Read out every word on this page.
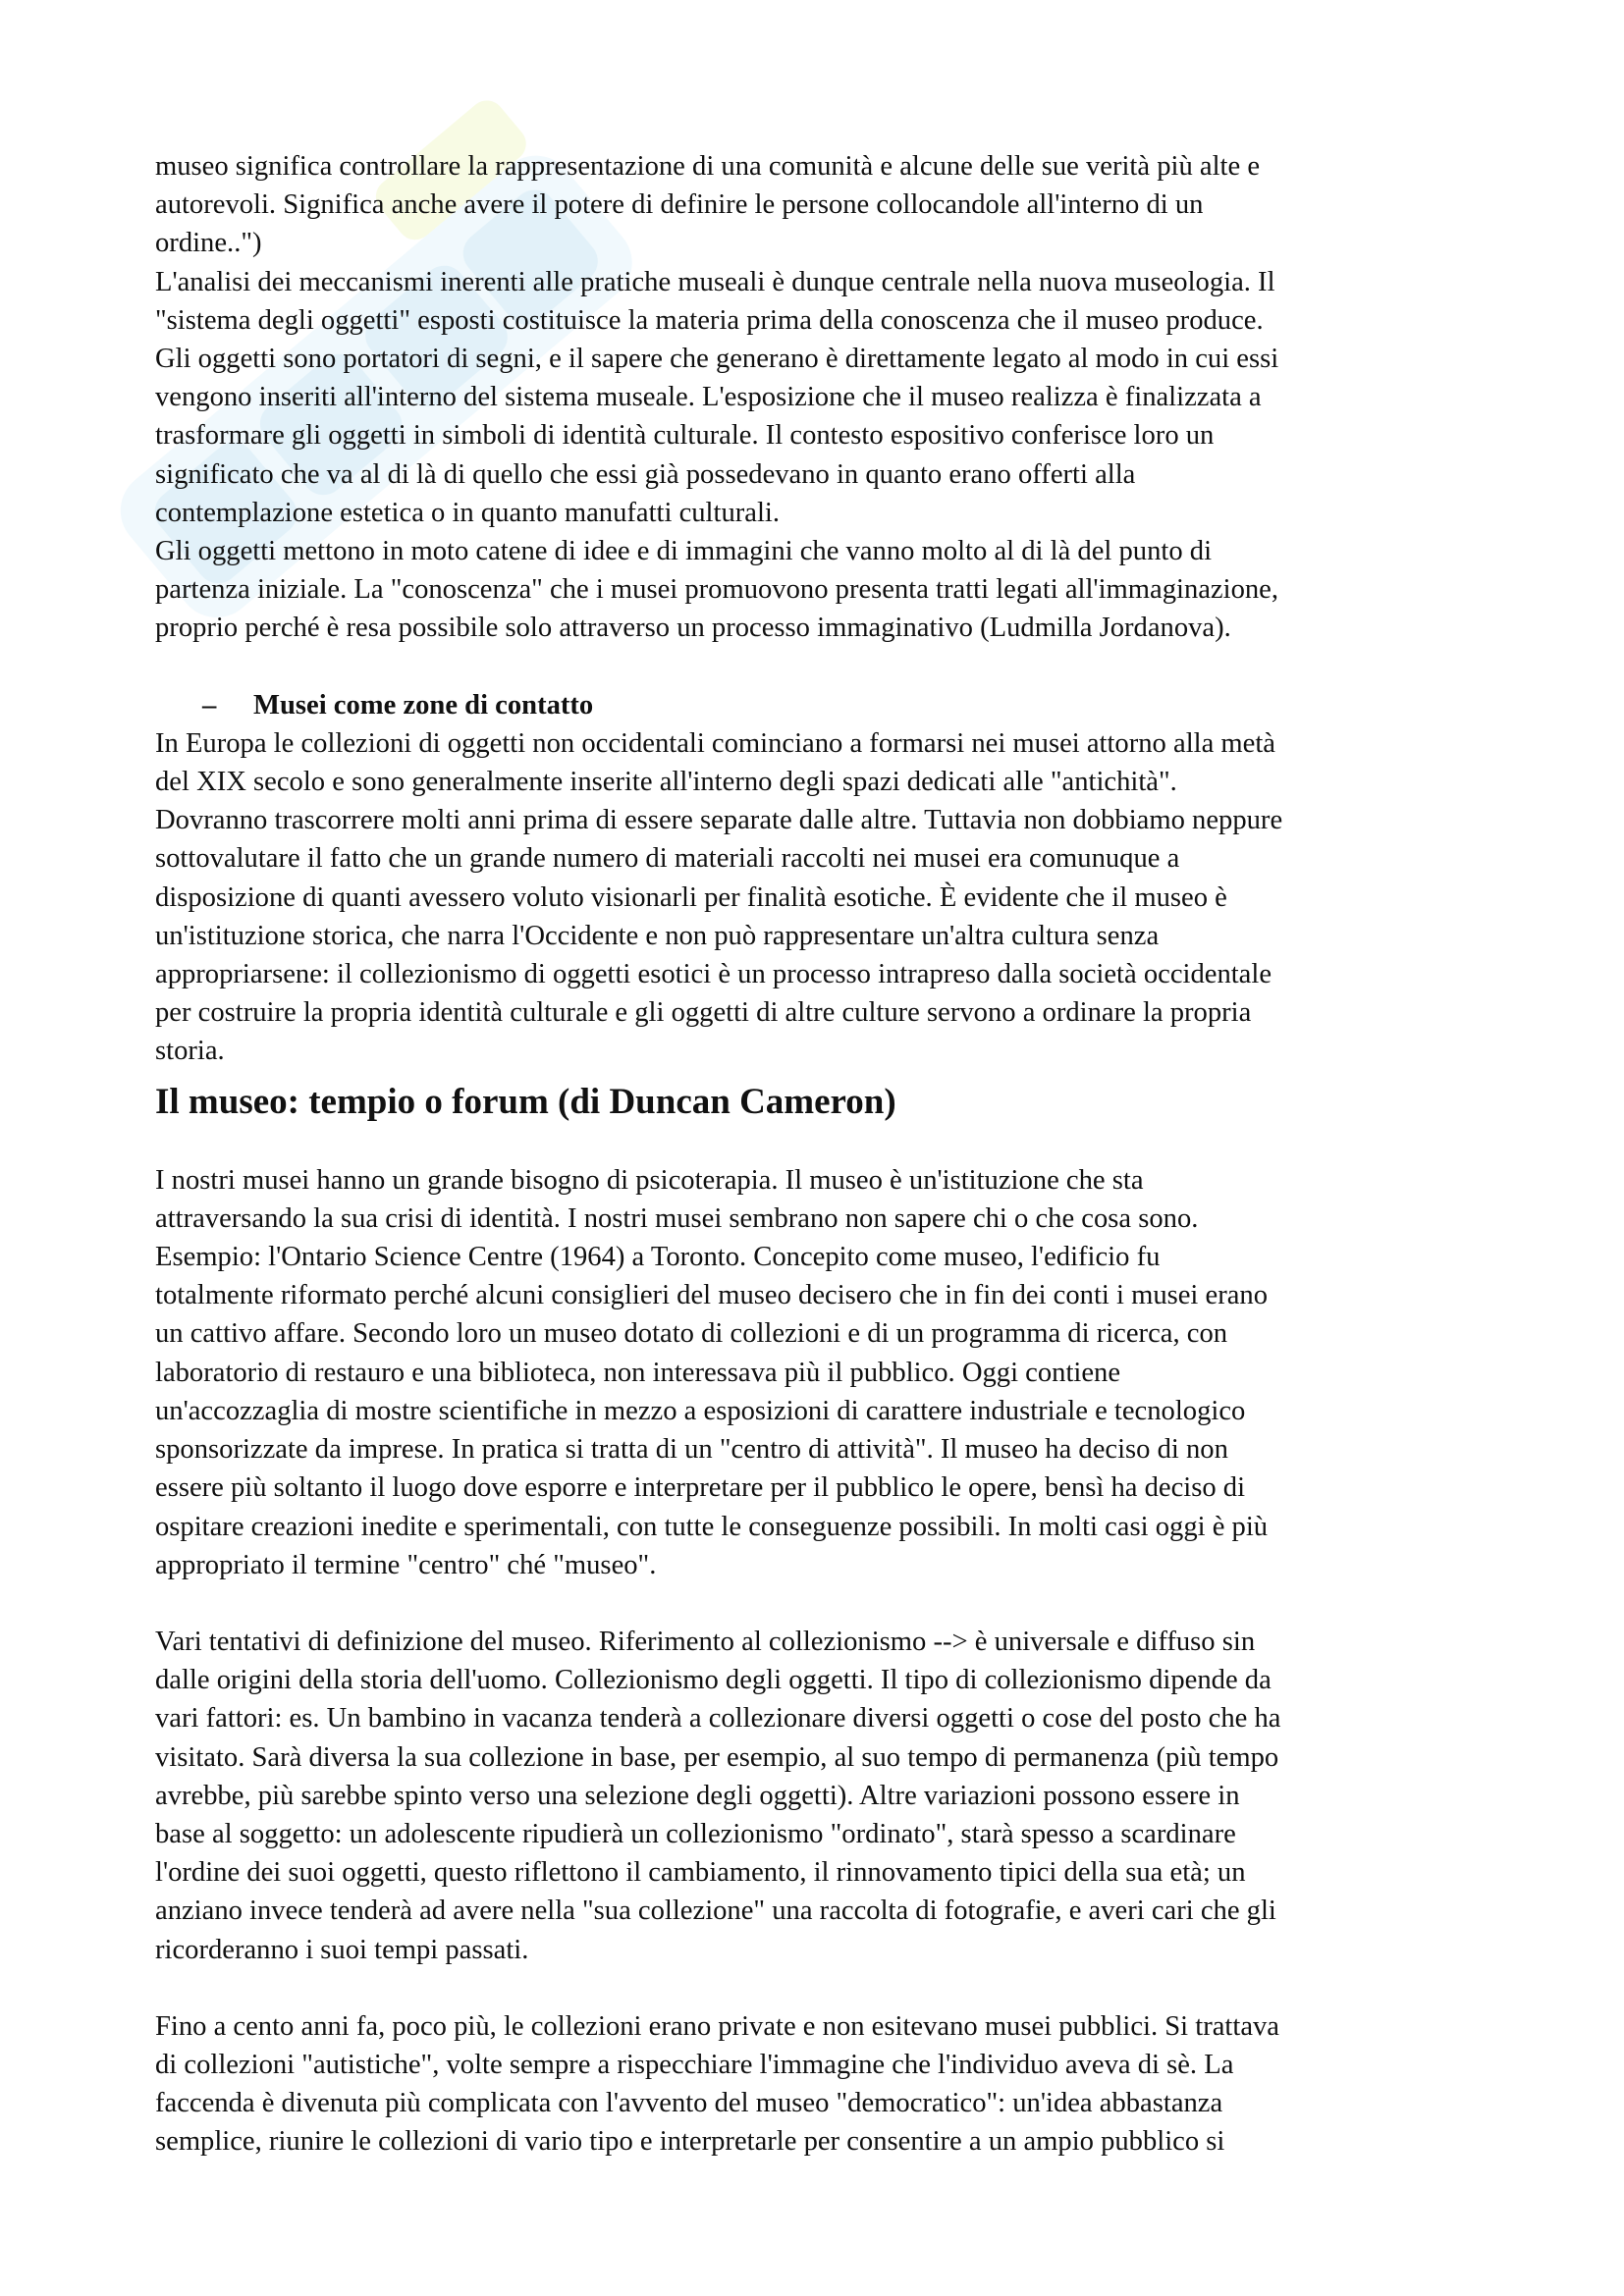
museo significa controllare la rappresentazione di una comunità e alcune delle sue verità più alte e
autorevoli. Significa anche avere il potere di definire le persone collocandole all'interno di un
ordine..")

L'analisi dei meccanismi inerenti alle pratiche museali è dunque centrale nella nuova museologia. Il
"sistema degli oggetti" esposti costituisce la materia prima della conoscenza che il museo produce.
Gli oggetti sono portatori di segni, e il sapere che generano è direttamente legato al modo in cui essi
vengono inseriti all'interno del sistema museale. L'esposizione che il museo realizza è finalizzata a
trasformare gli oggetti in simboli di identità culturale. Il contesto espositivo conferisce loro un
significato che va al di là di quello che essi già possedevano in quanto erano offerti alla
contemplazione estetica o in quanto manufatti culturali.

Gli oggetti mettono in moto catene di idee e di immagini che vanno molto al di là del punto di
partenza iniziale. La "conoscenza" che i musei promuovono presenta tratti legati all'immaginazione,
proprio perché è resa possibile solo attraverso un processo immaginativo (Ludmilla Jordanova).

–	Musei come zone di contatto

In Europa le collezioni di oggetti non occidentali cominciano a formarsi nei musei attorno alla metà
del XIX secolo e sono generalmente inserite all'interno degli spazi dedicati alle "antichità".
Dovranno trascorrere molti anni prima di essere separate dalle altre. Tuttavia non dobbiamo neppure
sottovalutare il fatto che un grande numero di materiali raccolti nei musei era comunuque a
disposizione di quanti avessero voluto visionarli per finalità esotiche. È evidente che il museo è
un'istituzione storica, che narra l'Occidente e non può rappresentare un'altra cultura senza
appropriarsene: il collezionismo di oggetti esotici è un processo intrapreso dalla società occidentale
per costruire la propria identità culturale e gli oggetti di altre culture servono a ordinare la propria
storia.

Il museo: tempio o forum (di Duncan Cameron)

I nostri musei hanno un grande bisogno di psicoterapia. Il museo è un'istituzione che sta
attraversando la sua crisi di identità. I nostri musei sembrano non sapere chi o che cosa sono.
Esempio: l'Ontario Science Centre (1964) a Toronto. Concepito come museo, l'edificio fu
totalmente riformato perché alcuni consiglieri del museo decisero che in fin dei conti i musei erano
un cattivo affare. Secondo loro un museo dotato di collezioni e di un programma di ricerca, con
laboratorio di restauro e una biblioteca, non interessava più il pubblico. Oggi contiene
un'accozzaglia di mostre scientifiche in mezzo a esposizioni di carattere industriale e tecnologico
sponsorizzate da imprese. In pratica si tratta di un "centro di attività". Il museo ha deciso di non
essere più soltanto il luogo dove esporre e interpretare per il pubblico le opere, bensì ha deciso di
ospitare creazioni inedite e sperimentali, con tutte le conseguenze possibili. In molti casi oggi è più
appropriato il termine "centro" ché "museo".

Vari tentativi di definizione del museo. Riferimento al collezionismo --> è universale e diffuso sin
dalle origini della storia dell'uomo. Collezionismo degli oggetti. Il tipo di collezionismo dipende da
vari fattori: es. Un bambino in vacanza tenderà a collezionare diversi oggetti o cose del posto che ha
visitato. Sarà diversa la sua collezione in base, per esempio, al suo tempo di permanenza (più tempo
avrebbe, più sarebbe spinto verso una selezione degli oggetti). Altre variazioni possono essere in
base al soggetto: un adolescente ripudierà un collezionismo "ordinato", starà spesso a scardinare
l'ordine dei suoi oggetti, questo riflettono il cambiamento, il rinnovamento tipici della sua età; un
anziano invece tenderà ad avere nella "sua collezione" una raccolta di fotografie, e averi cari che gli
ricorderanno i suoi tempi passati.

Fino a cento anni fa, poco più, le collezioni erano private e non esitevano musei pubblici. Si trattava
di collezioni "autistiche", volte sempre a rispecchiare l'immagine che l'individuo aveva di sè. La
faccenda è divenuta più complicata con l'avvento del museo "democratico": un'idea abbastanza
semplice, riunire le collezioni di vario tipo e interpretarle per consentire a un ampio pubblico si
